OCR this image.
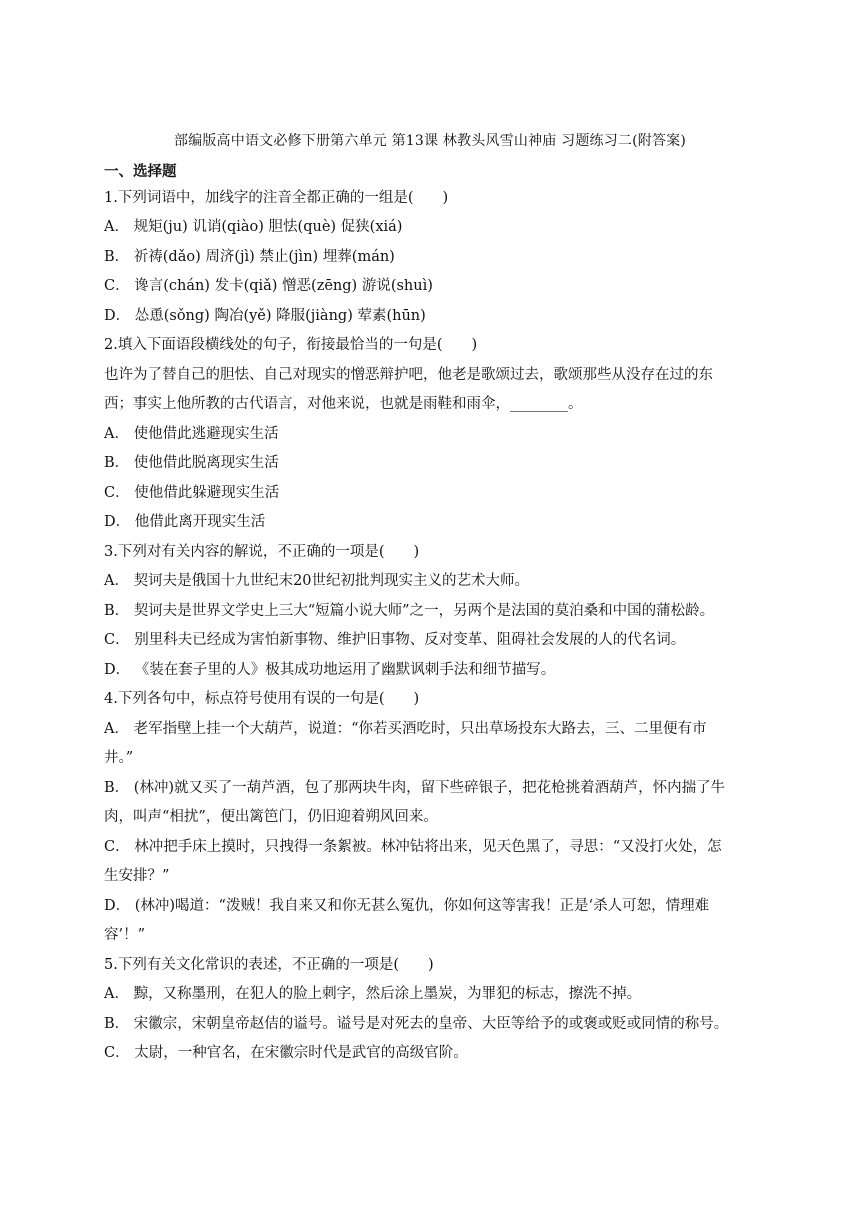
部编版高中语文必修下册第六单元 第13课 林教头风雪山神庙 习题练习二(附答案)
一、选择题
1.下列词语中，加线字的注音全都正确的一组是(　　)
A． 规矩(ju) 讥诮(qiào) 胆怯(què) 促狭(xiá)
B． 祈祷(dǎo) 周济(jì) 禁止(jìn) 埋葬(mán)
C． 谗言(chán) 发卡(qiǎ) 憎恶(zēng) 游说(shuì)
D． 怂恿(sǒng) 陶冶(yě) 降服(jiàng) 荤素(hūn)
2.填入下面语段横线处的句子，衔接最恰当的一句是(　　)
也许为了替自己的胆怯、自己对现实的憎恶辩护吧，他老是歌颂过去，歌颂那些从没存在过的东
西；事实上他所教的古代语言，对他来说，也就是雨鞋和雨伞，________。
A． 使他借此逃避现实生活
B． 使他借此脱离现实生活
C． 使他借此躲避现实生活
D． 他借此离开现实生活
3.下列对有关内容的解说，不正确的一项是(　　)
A． 契诃夫是俄国十九世纪末20世纪初批判现实主义的艺术大师。
B． 契诃夫是世界文学史上三大“短篇小说大师”之一，另两个是法国的莫泊桑和中国的蒲松龄。
C． 别里科夫已经成为害怕新事物、维护旧事物、反对变革、阻碍社会发展的人的代名词。
D． 《装在套子里的人》极其成功地运用了幽默讽刺手法和细节描写。
4.下列各句中，标点符号使用有误的一句是(　　)
A． 老军指壁上挂一个大葫芦，说道：“你若买酒吃时，只出草场投东大路去，三、二里便有市
井。”
B． (林冲)就又买了一葫芦酒，包了那两块牛肉，留下些碎银子，把花枪挑着酒葫芦，怀内揣了牛
肉，叫声“相扰”，便出篱笆门，仍旧迎着朔风回来。
C． 林冲把手床上摸时，只拽得一条絮被。林冲钻将出来，见天色黑了，寻思：“又没打火处，怎
生安排？”
D． (林冲)喝道：“泼贼！我自来又和你无甚么冤仇，你如何这等害我！正是‘杀人可恕，情理难
容’！”
5.下列有关文化常识的表述，不正确的一项是(　　)
A． 黥，又称墨刑，在犯人的脸上刺字，然后涂上墨炭，为罪犯的标志，擦洗不掉。
B． 宋徽宗，宋朝皇帝赵佶的谥号。谥号是对死去的皇帝、大臣等给予的或褒或贬或同情的称号。
C． 太尉，一种官名，在宋徽宗时代是武官的高级官阶。
